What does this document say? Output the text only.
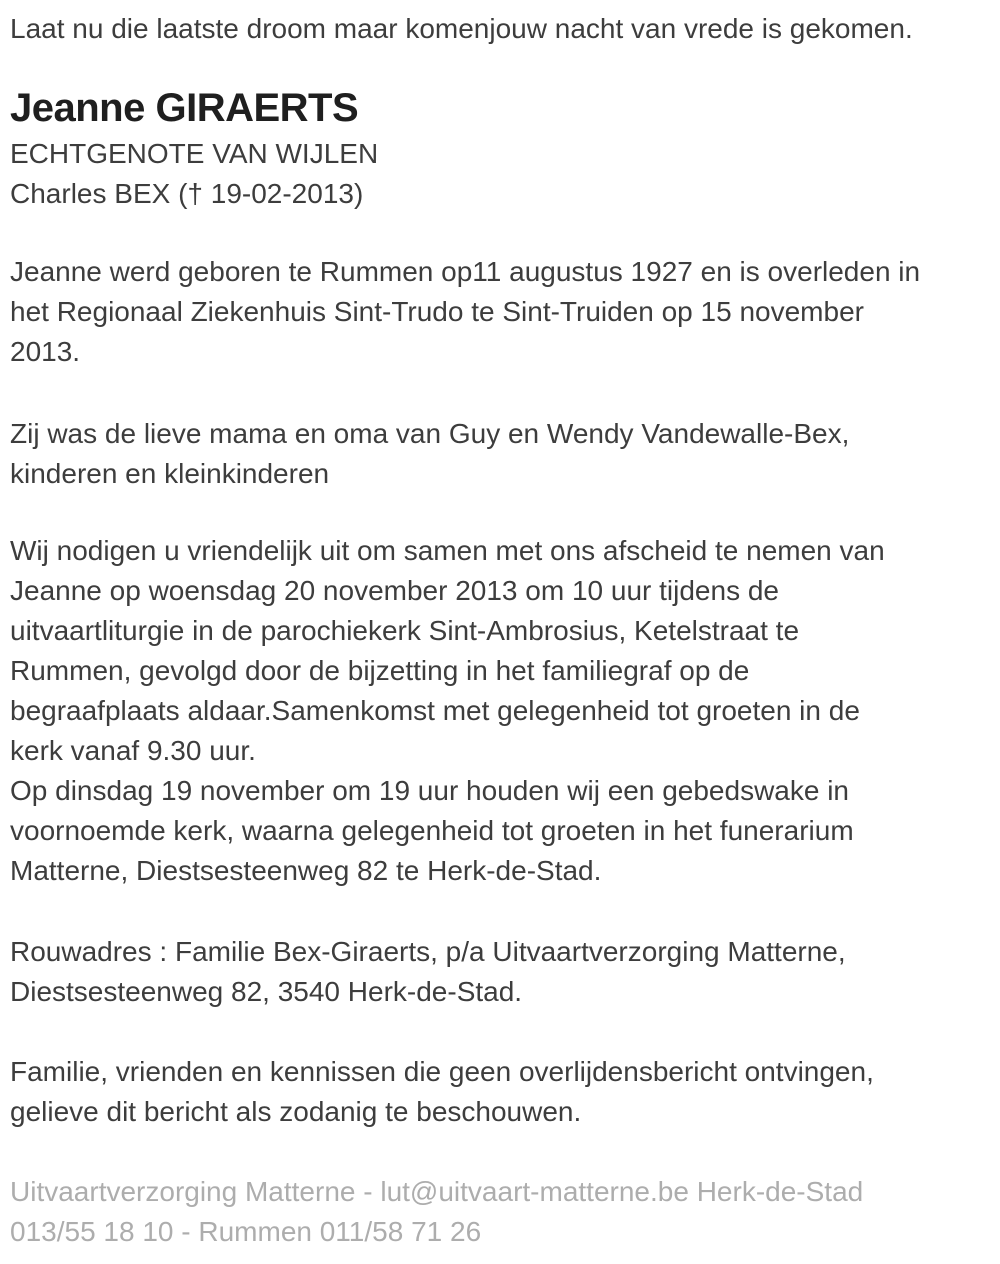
Laat nu die laatste droom maar komenjouw nacht van vrede is gekomen.
Jeanne GIRAERTS
ECHTGENOTE VAN WIJLEN
Charles BEX († 19-02-2013)
Jeanne werd geboren te Rummen op11 augustus 1927 en is overleden in
het Regionaal Ziekenhuis Sint-Trudo te Sint-Truiden op 15 november
2013.
Zij was de lieve mama en oma van Guy en Wendy Vandewalle-Bex,
kinderen en kleinkinderen
Wij nodigen u vriendelijk uit om samen met ons afscheid te nemen van
Jeanne op woensdag 20 november 2013 om 10 uur tijdens de
uitvaartliturgie in de parochiekerk Sint-Ambrosius, Ketelstraat te
Rummen, gevolgd door de bijzetting in het familiegraf op de
begraafplaats aldaar.Samenkomst met gelegenheid tot groeten in de
kerk vanaf 9.30 uur.
Op dinsdag 19 november om 19 uur houden wij een gebedswake in
voornoemde kerk, waarna gelegenheid tot groeten in het funerarium
Matterne, Diestsesteenweg 82 te Herk-de-Stad.
Rouwadres : Familie Bex-Giraerts, p/a Uitvaartverzorging Matterne,
Diestsesteenweg 82, 3540 Herk-de-Stad.
Familie, vrienden en kennissen die geen overlijdensbericht ontvingen,
gelieve dit bericht als zodanig te beschouwen.
Uitvaartverzorging Matterne - lut@uitvaart-matterne.be Herk-de-Stad
013/55 18 10 - Rummen 011/58 71 26
